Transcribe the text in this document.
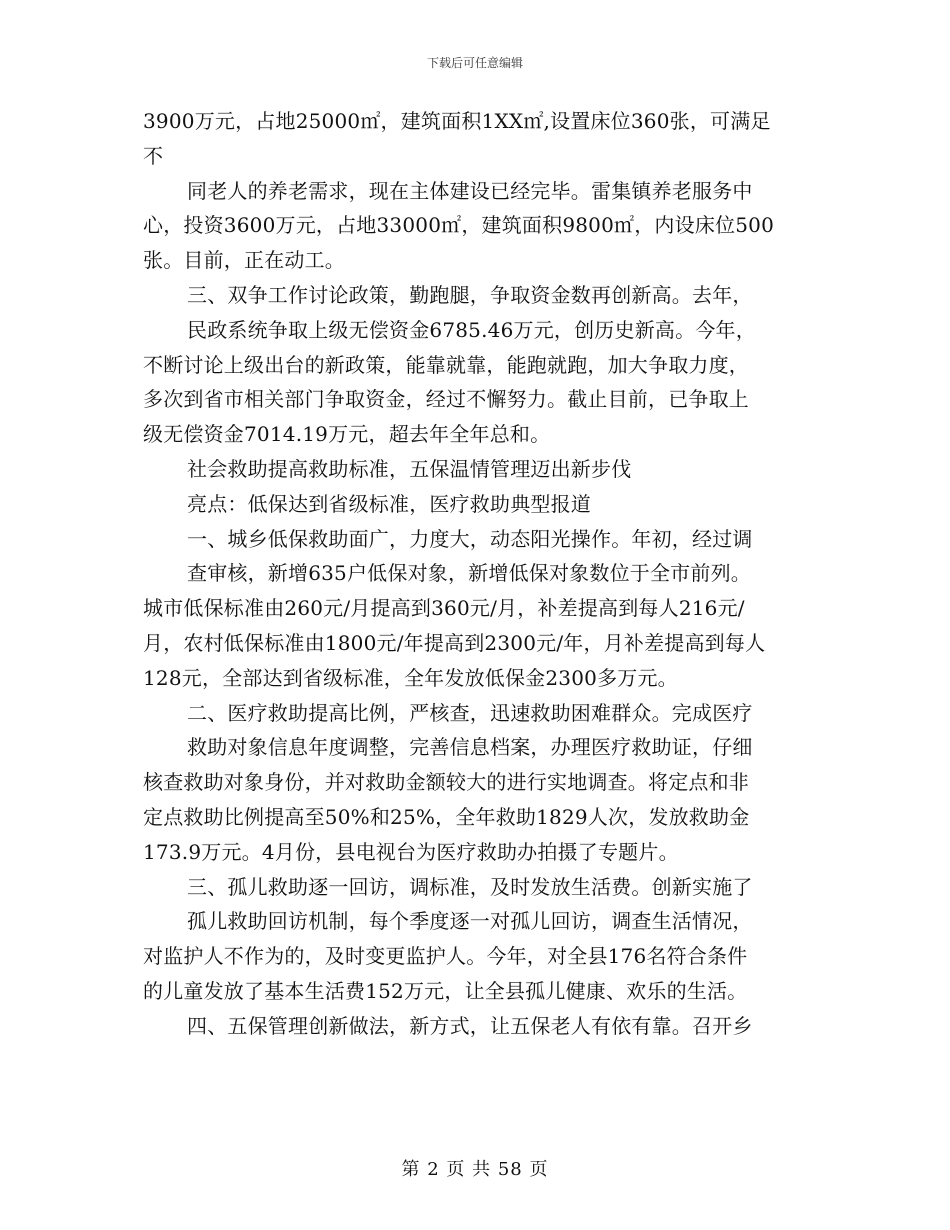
下载后可任意编辑
3900万元，占地25000㎡，建筑面积1XX㎡,设置床位360张，可满足
不
同老人的养老需求，现在主体建设已经完毕。雷集镇养老服务中
心，投资3600万元，占地33000㎡，建筑面积9800㎡，内设床位500
张。目前，正在动工。
三、双争工作讨论政策，勤跑腿，争取资金数再创新高。去年，
民政系统争取上级无偿资金6785.46万元，创历史新高。今年，
不断讨论上级出台的新政策，能靠就靠，能跑就跑，加大争取力度，
多次到省市相关部门争取资金，经过不懈努力。截止目前，已争取上
级无偿资金7014.19万元，超去年全年总和。
社会救助提高救助标准，五保温情管理迈出新步伐
亮点：低保达到省级标准，医疗救助典型报道
一、城乡低保救助面广，力度大，动态阳光操作。年初，经过调
查审核，新增635户低保对象，新增低保对象数位于全市前列。
城市低保标准由260元/月提高到360元/月，补差提高到每人216元/
月，农村低保标准由1800元/年提高到2300元/年，月补差提高到每人
128元，全部达到省级标准，全年发放低保金2300多万元。
二、医疗救助提高比例，严核查，迅速救助困难群众。完成医疗
救助对象信息年度调整，完善信息档案，办理医疗救助证，仔细
核查救助对象身份，并对救助金额较大的进行实地调查。将定点和非
定点救助比例提高至50%和25%，全年救助1829人次，发放救助金
173.9万元。4月份，县电视台为医疗救助办拍摄了专题片。
三、孤儿救助逐一回访，调标准，及时发放生活费。创新实施了
孤儿救助回访机制，每个季度逐一对孤儿回访，调查生活情况，
对监护人不作为的，及时变更监护人。今年，对全县176名符合条件
的儿童发放了基本生活费152万元，让全县孤儿健康、欢乐的生活。
四、五保管理创新做法，新方式，让五保老人有依有靠。召开乡
第 2 页 共 58 页
